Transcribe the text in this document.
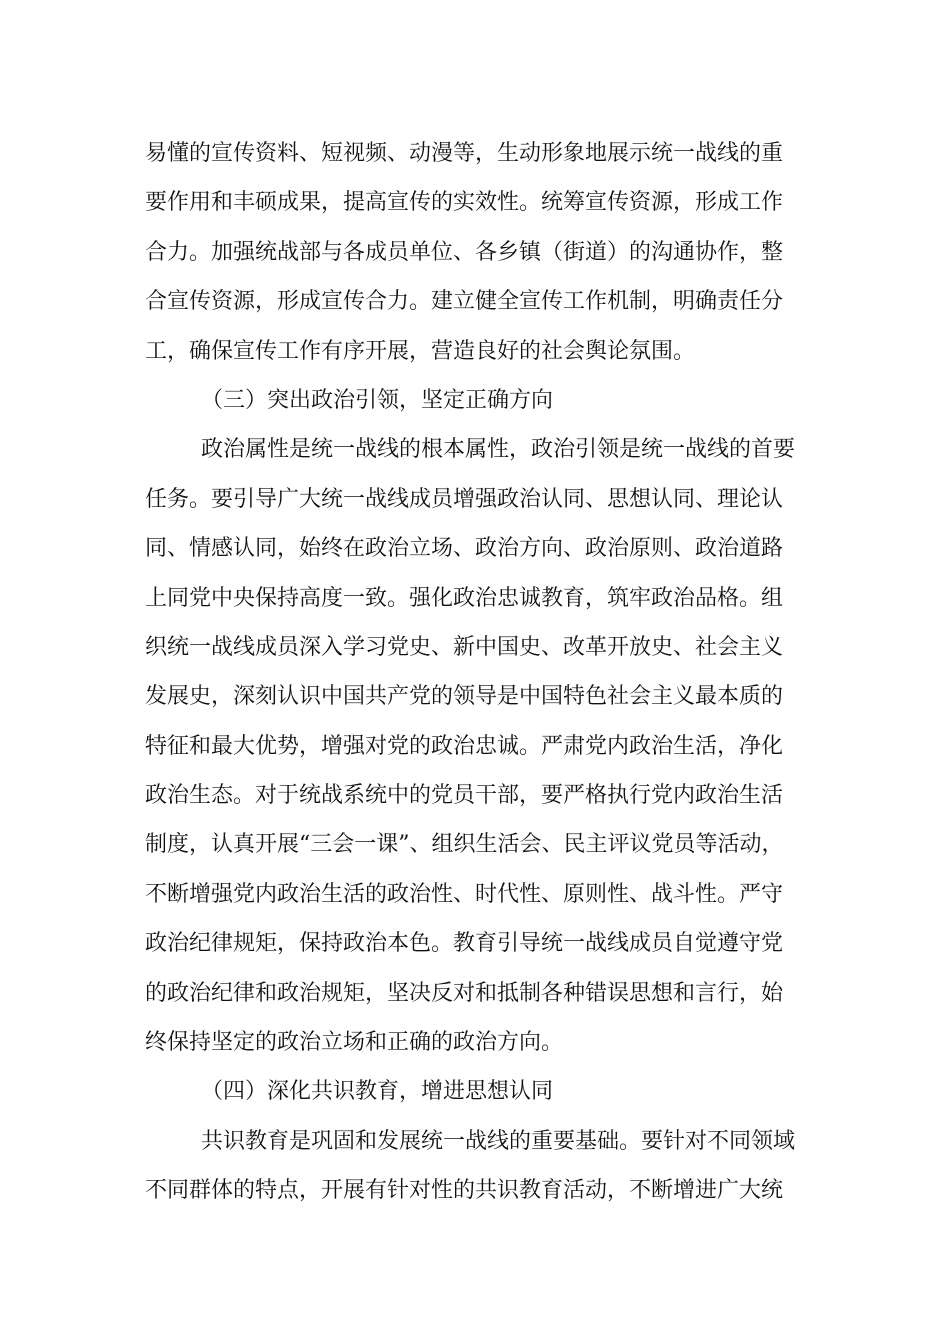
易懂的宣传资料、短视频、动漫等，生动形象地展示统一战线的重
要作用和丰硕成果，提高宣传的实效性。统筹宣传资源，形成工作
合力。加强统战部与各成员单位、各乡镇（街道）的沟通协作，整
合宣传资源，形成宣传合力。建立健全宣传工作机制，明确责任分
工，确保宣传工作有序开展，营造良好的社会舆论氛围。
（三）突出政治引领，坚定正确方向
政治属性是统一战线的根本属性，政治引领是统一战线的首要
任务。要引导广大统一战线成员增强政治认同、思想认同、理论认
同、情感认同，始终在政治立场、政治方向、政治原则、政治道路
上同党中央保持高度一致。强化政治忠诚教育，筑牢政治品格。组
织统一战线成员深入学习党史、新中国史、改革开放史、社会主义
发展史，深刻认识中国共产党的领导是中国特色社会主义最本质的
特征和最大优势，增强对党的政治忠诚。严肃党内政治生活，净化
政治生态。对于统战系统中的党员干部，要严格执行党内政治生活
制度，认真开展“三会一课”、组织生活会、民主评议党员等活动，
不断增强党内政治生活的政治性、时代性、原则性、战斗性。严守
政治纪律规矩，保持政治本色。教育引导统一战线成员自觉遵守党
的政治纪律和政治规矩，坚决反对和抵制各种错误思想和言行，始
终保持坚定的政治立场和正确的政治方向。
（四）深化共识教育，增进思想认同
共识教育是巩固和发展统一战线的重要基础。要针对不同领域
不同群体的特点，开展有针对性的共识教育活动，不断增进广大统
